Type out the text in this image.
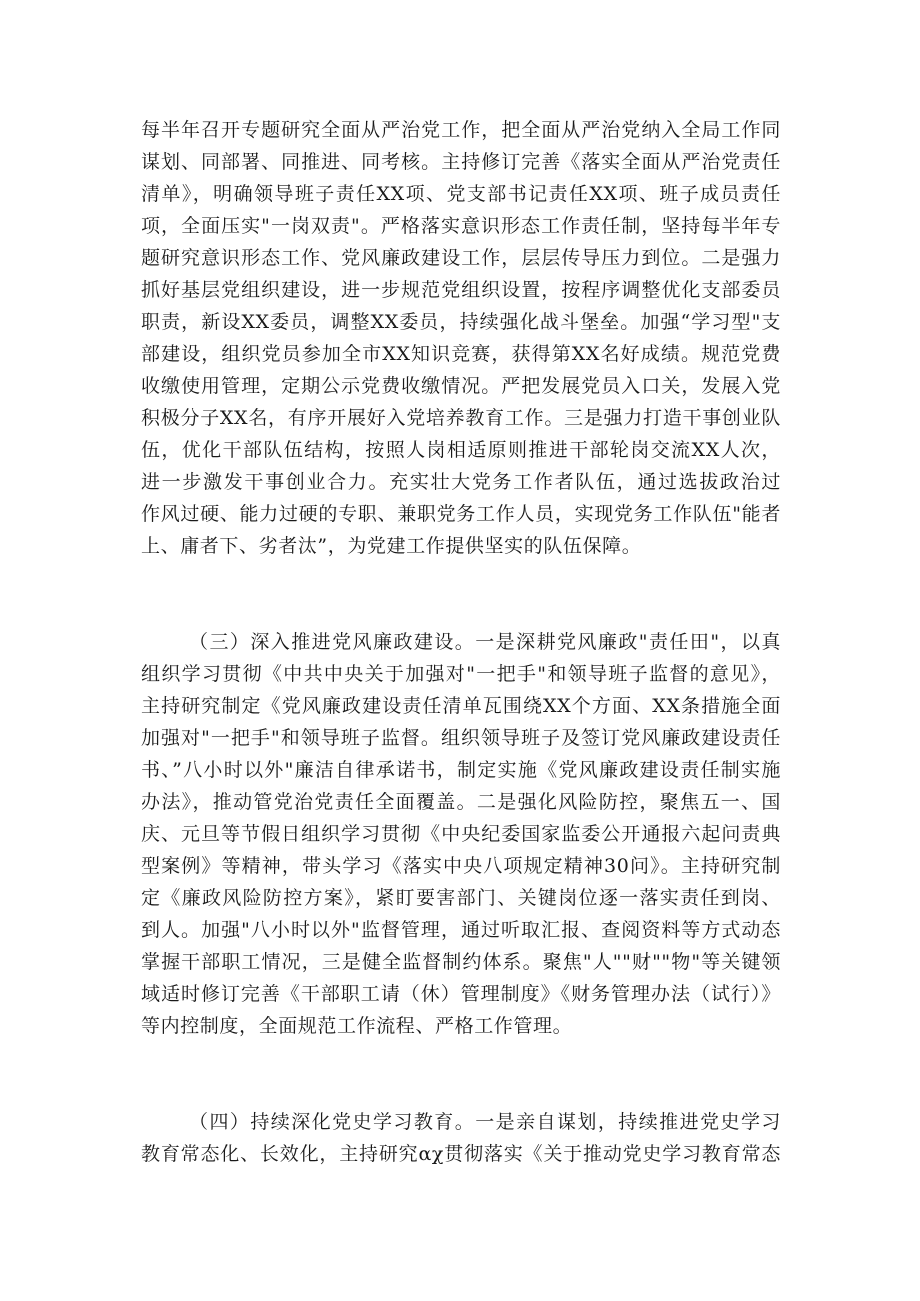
每半年召开专题研究全面从严治党工作，把全面从严治党纳入全局工作同
谋划、同部署、同推进、同考核。主持修订完善《落实全面从严治党责任
清单》，明确领导班子责任XX项、党支部书记责任XX项、班子成员责任
项，全面压实"一岗双责"。严格落实意识形态工作责任制，坚持每半年专
题研究意识形态工作、党风廉政建设工作，层层传导压力到位。二是强力
抓好基层党组织建设，进一步规范党组织设置，按程序调整优化支部委员
职责，新设XX委员，调整XX委员，持续强化战斗堡垒。加强“学习型"支
部建设，组织党员参加全市XX知识竞赛，获得第XX名好成绩。规范党费
收缴使用管理，定期公示党费收缴情况。严把发展党员入口关，发展入党
积极分子XX名，有序开展好入党培养教育工作。三是强力打造干事创业队
伍，优化干部队伍结构，按照人岗相适原则推进干部轮岗交流XX人次，
进一步激发干事创业合力。充实壮大党务工作者队伍，通过选拔政治过
作风过硬、能力过硬的专职、兼职党务工作人员，实现党务工作队伍"能者
上、庸者下、劣者汰”，为党建工作提供坚实的队伍保障。
（三）深入推进党风廉政建设。一是深耕党风廉政"责任田"，以真
组织学习贯彻《中共中央关于加强对"一把手"和领导班子监督的意见》，
主持研究制定《党风廉政建设责任清单瓦围绕XX个方面、XX条措施全面
加强对"一把手"和领导班子监督。组织领导班子及签订党风廉政建设责任
书、”八小时以外"廉洁自律承诺书，制定实施《党风廉政建设责任制实施
办法》，推动管党治党责任全面覆盖。二是强化风险防控，聚焦五一、国
庆、元旦等节假日组织学习贯彻《中央纪委国家监委公开通报六起问责典
型案例》等精神，带头学习《落实中央八项规定精神30问》。主持研究制
定《廉政风险防控方案》，紧盯要害部门、关键岗位逐一落实责任到岗、
到人。加强"八小时以外"监督管理，通过听取汇报、查阅资料等方式动态
掌握干部职工情况，三是健全监督制约体系。聚焦"人""财""物"等关键领
域适时修订完善《干部职工请（休）管理制度》《财务管理办法（试行）》
等内控制度，全面规范工作流程、严格工作管理。
（四）持续深化党史学习教育。一是亲自谋划，持续推进党史学习
教育常态化、长效化，主持研究αχ贯彻落实《关于推动党史学习教育常态
